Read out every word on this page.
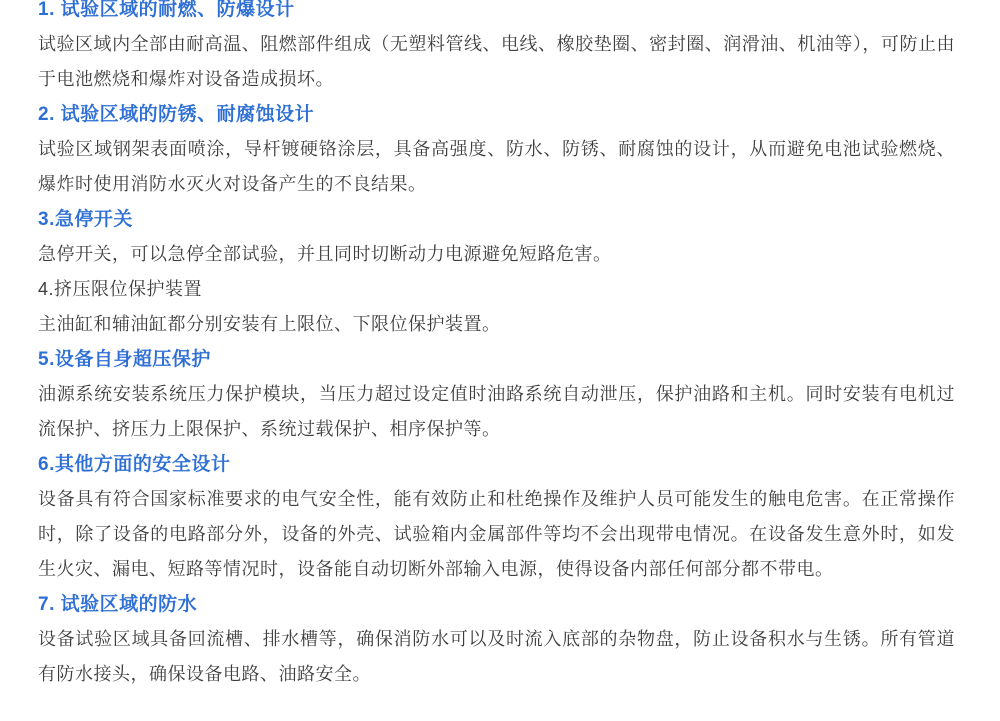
1. 试验区域的耐燃、防爆设计
试验区域内全部由耐高温、阻燃部件组成（无塑料管线、电线、橡胶垫圈、密封圈、润滑油、机油等），可防止由于电池燃烧和爆炸对设备造成损坏。
2. 试验区域的防锈、耐腐蚀设计
试验区域钢架表面喷涂，导杆镀硬铬涂层，具备高强度、防水、防锈、耐腐蚀的设计，从而避免电池试验燃烧、爆炸时使用消防水灭火对设备产生的不良结果。
3.急停开关
急停开关，可以急停全部试验，并且同时切断动力电源避免短路危害。
4.挤压限位保护装置
主油缸和辅油缸都分别安装有上限位、下限位保护装置。
5.设备自身超压保护
油源系统安装系统压力保护模块，当压力超过设定值时油路系统自动泄压，保护油路和主机。同时安装有电机过流保护、挤压力上限保护、系统过载保护、相序保护等。
6.其他方面的安全设计
设备具有符合国家标准要求的电气安全性，能有效防止和杜绝操作及维护人员可能发生的触电危害。在正常操作时，除了设备的电路部分外，设备的外壳、试验箱内金属部件等均不会出现带电情况。在设备发生意外时，如发生火灾、漏电、短路等情况时，设备能自动切断外部输入电源，使得设备内部任何部分都不带电。
7. 试验区域的防水
设备试验区域具备回流槽、排水槽等，确保消防水可以及时流入底部的杂物盘，防止设备积水与生锈。所有管道有防水接头，确保设备电路、油路安全。
